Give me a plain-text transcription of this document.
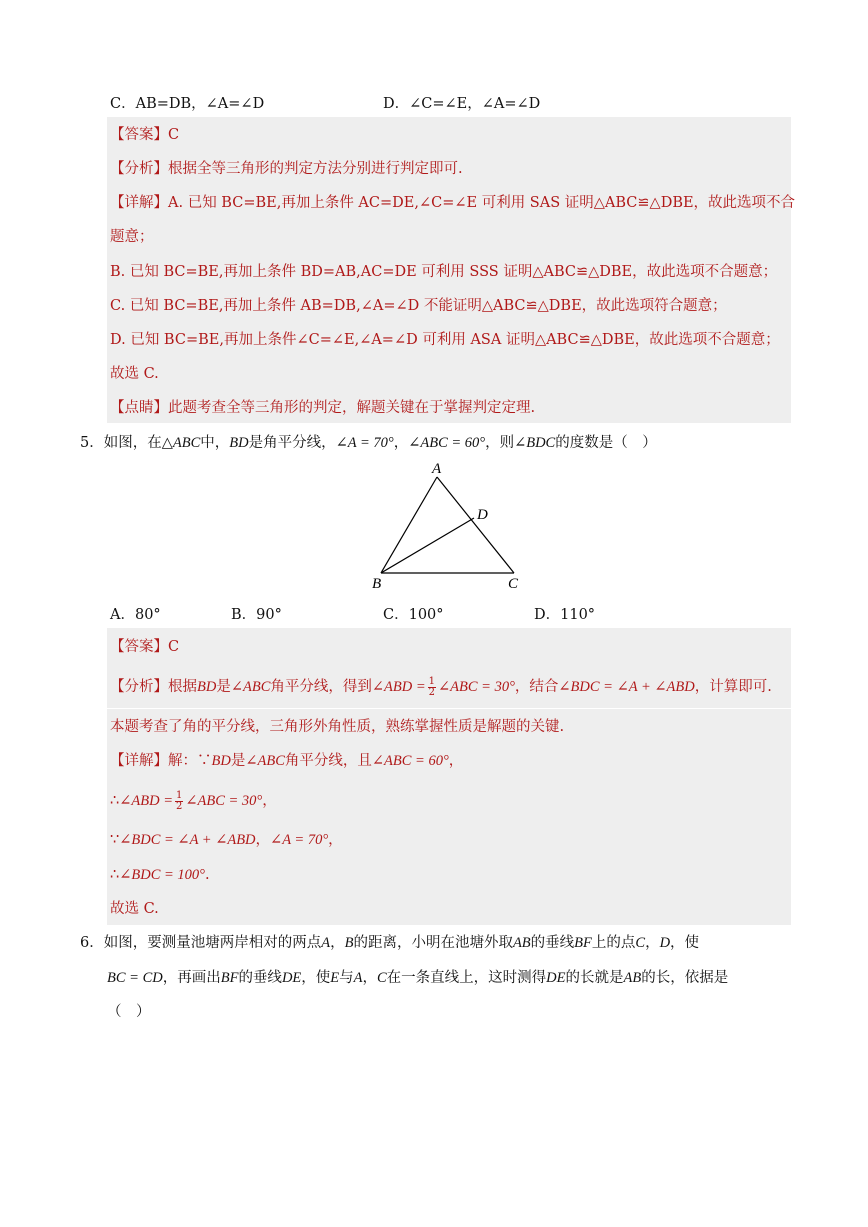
C．AB=DB，∠A=∠D	D．∠C=∠E，∠A=∠D
【答案】C
【分析】根据全等三角形的判定方法分别进行判定即可.
【详解】A. 已知 BC=BE,再加上条件 AC=DE,∠C=∠E 可利用 SAS 证明△ABC≌△DBE，故此选项不合
题意；
B. 已知 BC=BE,再加上条件 BD=AB,AC=DE 可利用 SSS 证明△ABC≌△DBE，故此选项不合题意；
C. 已知 BC=BE,再加上条件 AB=DB,∠A=∠D 不能证明△ABC≌△DBE，故此选项符合题意；
D. 已知 BC=BE,再加上条件∠C=∠E,∠A=∠D 可利用 ASA 证明△ABC≌△DBE，故此选项不合题意；
故选 C.
【点睛】此题考查全等三角形的判定，解题关键在于掌握判定定理.
5．如图，在△ABC中，BD是角平分线，∠A = 70°，∠ABC = 60°，则∠BDC的度数是（　）
A
B	C
D
A．80°	B．90°	C．100°	D．110°
【答案】C
【分析】根据BD是∠ABC角平分线，得到∠ABD = $\frac{1}{2}$ ∠ABC = 30°，结合∠BDC = ∠A + ∠ABD，计算即可.
本题考查了角的平分线，三角形外角性质，熟练掌握性质是解题的关键.
【详解】解：∵BD是∠ABC角平分线，且∠ABC = 60°，
∴∠ABD = $\frac{1}{2}$ ∠ABC = 30°，
∵∠BDC = ∠A + ∠ABD，∠A = 70°，
∴∠BDC = 100°.
故选 C.
6．如图，要测量池塘两岸相对的两点A，B的距离，小明在池塘外取AB的垂线BF上的点C，D，使
BC = CD，再画出BF的垂线DE，使E与A，C在一条直线上，这时测得DE的长就是AB的长，依据是
（　）
